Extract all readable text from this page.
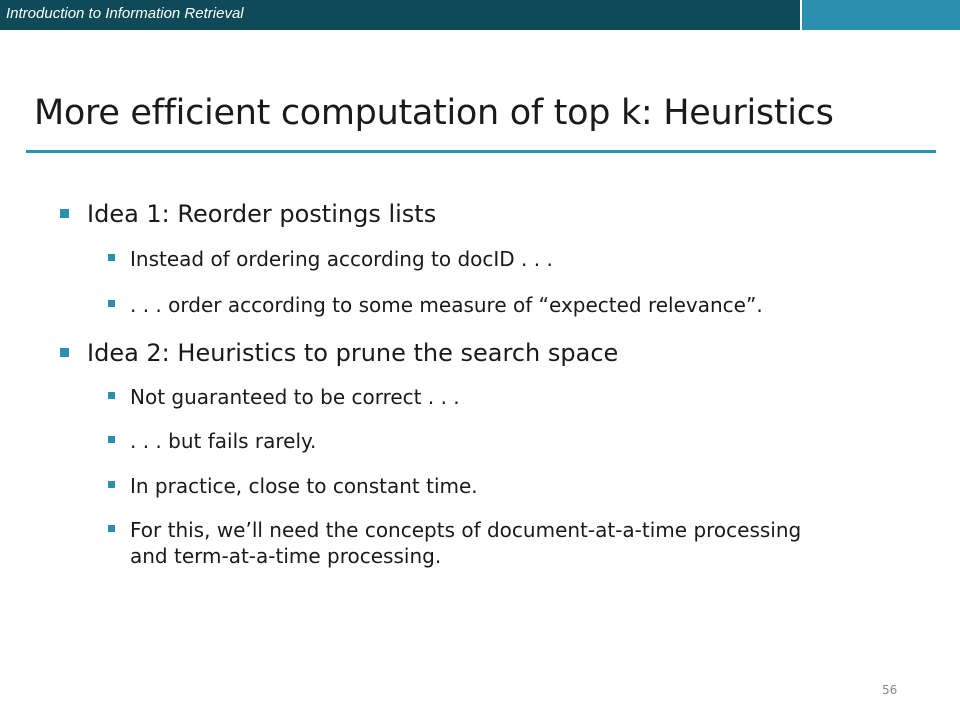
Introduction to Information Retrieval
More efficient computation of top k: Heuristics
Idea 1: Reorder postings lists
Instead of ordering according to docID . . .
. . . order according to some measure of “expected relevance”.
Idea 2: Heuristics to prune the search space
Not guaranteed to be correct . . .
. . . but fails rarely.
In practice, close to constant time.
For this, we’ll need the concepts of document-at-a-time processing and term-at-a-time processing.
56
